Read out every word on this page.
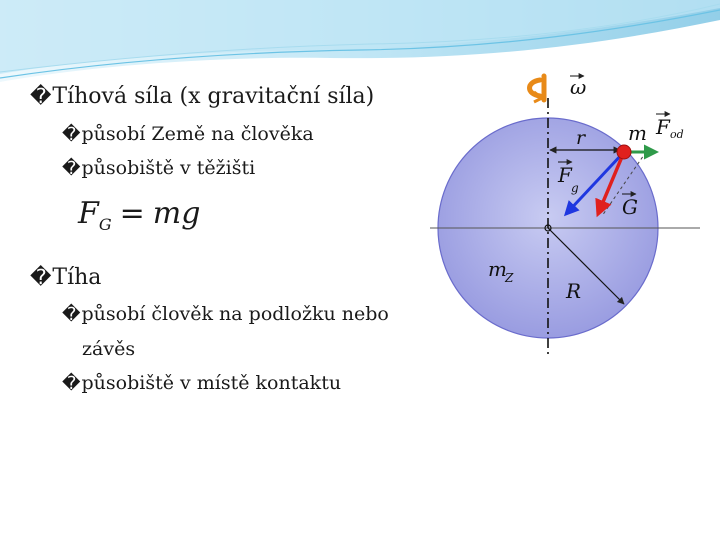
�Tíhová síla (x gravitační síla)
�působí Země na člověka
�působiště v těžišti
$F_G$ = mg
�Tíha
�působí člověk na podložku nebo
závěs
�působiště v místě kontaktu
ω
r m F od
F
g
G
R
m
Z
